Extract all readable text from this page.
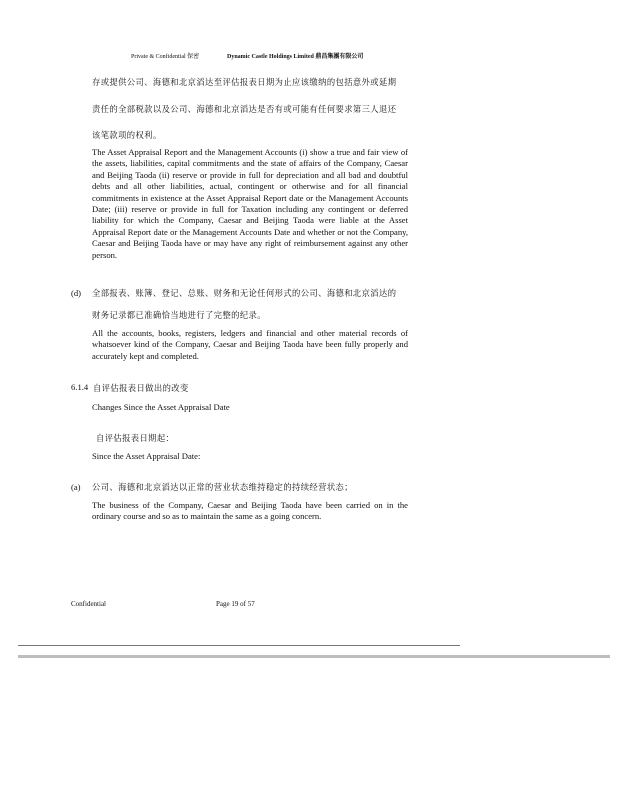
Private & Confidential 保密	Dynamic Castle Holdings Limited 鼎昌集團有限公司
存或提供公司、海德和北京滔达至评估报表日期为止应该缴纳的包括意外或延期
责任的全部税款以及公司、海德和北京滔达是否有或可能有任何要求第三人退还
该笔款项的权利。
The Asset Appraisal Report and the Management Accounts (i) show a true and fair view of the assets, liabilities, capital commitments and the state of affairs of the Company, Caesar and Beijing Taoda (ii) reserve or provide in full for depreciation and all bad and doubtful debts and all other liabilities, actual, contingent or otherwise and for all financial commitments in existence at the Asset Appraisal Report date or the Management Accounts Date; (iii) reserve or provide in full for Taxation including any contingent or deferred liability for which the Company, Caesar and Beijing Taoda were liable at the Asset Appraisal Report date or the Management Accounts Date and whether or not the Company, Caesar and Beijing Taoda have or may have any right of reimbursement against any other person.
(d) 全部报表、账簿、登记、总账、财务和无论任何形式的公司、海德和北京滔达的
财务记录都已准确恰当地进行了完整的纪录。
All the accounts, books, registers, ledgers and financial and other material records of whatsoever kind of the Company, Caesar and Beijing Taoda have been fully properly and accurately kept and completed.
6.1.4 自评估报表日做出的改变
Changes Since the Asset Appraisal Date
自评估报表日期起：
Since the Asset Appraisal Date:
(a) 公司、海德和北京滔达以正常的营业状态维持稳定的持续经营状态；
The business of the Company, Caesar and Beijing Taoda have been carried on in the ordinary course and so as to maintain the same as a going concern.
Confidential	Page 19 of 57
